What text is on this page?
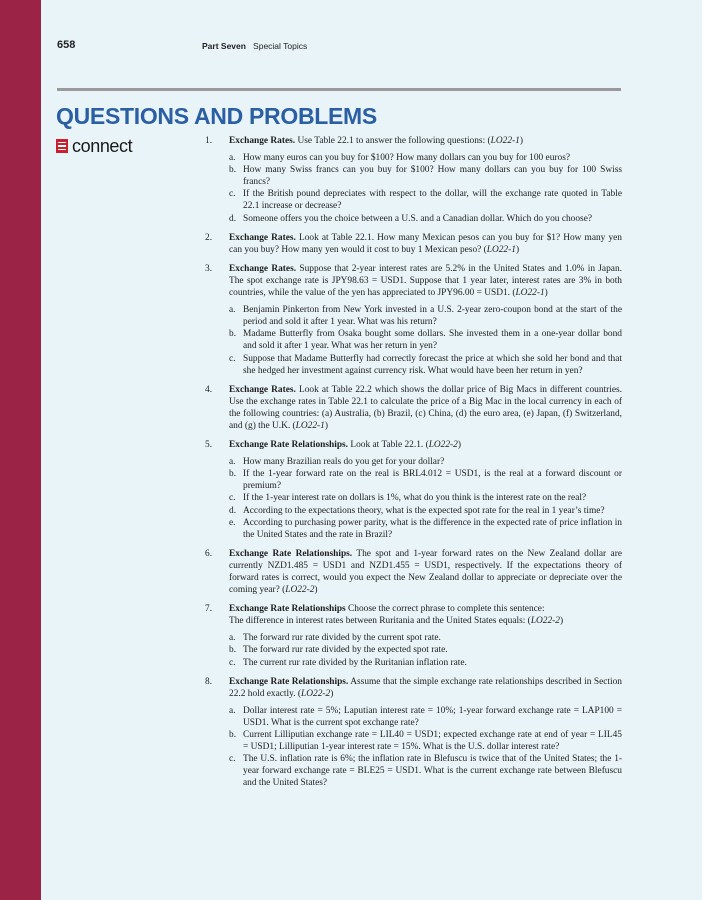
658	Part Seven Special Topics
QUESTIONS AND PROBLEMS
connect	1. Exchange Rates. Use Table 22.1 to answer the following questions: (LO22-1)
a. How many euros can you buy for $100? How many dollars can you buy for 100 euros?
b. How many Swiss francs can you buy for $100? How many dollars can you buy for 100 Swiss francs?
c. If the British pound depreciates with respect to the dollar, will the exchange rate quoted in Table 22.1 increase or decrease?
d. Someone offers you the choice between a U.S. and a Canadian dollar. Which do you choose?
2. Exchange Rates. Look at Table 22.1. How many Mexican pesos can you buy for $1? How many yen can you buy? How many yen would it cost to buy 1 Mexican peso? (LO22-1)
3. Exchange Rates. Suppose that 2-year interest rates are 5.2% in the United States and 1.0% in Japan. The spot exchange rate is JPY98.63 = USD1. Suppose that 1 year later, interest rates are 3% in both countries, while the value of the yen has appreciated to JPY96.00 = USD1. (LO22-1)
a. Benjamin Pinkerton from New York invested in a U.S. 2-year zero-coupon bond at the start of the period and sold it after 1 year. What was his return?
b. Madame Butterfly from Osaka bought some dollars. She invested them in a one-year dollar bond and sold it after 1 year. What was her return in yen?
c. Suppose that Madame Butterfly had correctly forecast the price at which she sold her bond and that she hedged her investment against currency risk. What would have been her return in yen?
4. Exchange Rates. Look at Table 22.2 which shows the dollar price of Big Macs in different countries. Use the exchange rates in Table 22.1 to calculate the price of a Big Mac in the local currency in each of the following countries: (a) Australia, (b) Brazil, (c) China, (d) the euro area, (e) Japan, (f) Switzerland, and (g) the U.K. (LO22-1)
5. Exchange Rate Relationships. Look at Table 22.1. (LO22-2)
a. How many Brazilian reals do you get for your dollar?
b. If the 1-year forward rate on the real is BRL4.012 = USD1, is the real at a forward discount or premium?
c. If the 1-year interest rate on dollars is 1%, what do you think is the interest rate on the real?
d. According to the expectations theory, what is the expected spot rate for the real in 1 year’s time?
e. According to purchasing power parity, what is the difference in the expected rate of price inflation in the United States and the rate in Brazil?
6. Exchange Rate Relationships. The spot and 1-year forward rates on the New Zealand dollar are currently NZD1.485 = USD1 and NZD1.455 = USD1, respectively. If the expectations theory of forward rates is correct, would you expect the New Zealand dollar to appreciate or depreciate over the coming year? (LO22-2)
7. Exchange Rate Relationships Choose the correct phrase to complete this sentence:
The difference in interest rates between Ruritania and the United States equals: (LO22-2)
a. The forward rur rate divided by the current spot rate.
b. The forward rur rate divided by the expected spot rate.
c. The current rur rate divided by the Ruritanian inflation rate.
8. Exchange Rate Relationships. Assume that the simple exchange rate relationships described in Section 22.2 hold exactly. (LO22-2)
a. Dollar interest rate = 5%; Laputian interest rate = 10%; 1-year forward exchange rate = LAP100 = USD1. What is the current spot exchange rate?
b. Current Lilliputian exchange rate = LIL40 = USD1; expected exchange rate at end of year = LIL45 = USD1; Lilliputian 1-year interest rate = 15%. What is the U.S. dollar interest rate?
c. The U.S. inflation rate is 6%; the inflation rate in Blefuscu is twice that of the United States; the 1-year forward exchange rate = BLE25 = USD1. What is the current exchange rate between Blefuscu and the United States?
